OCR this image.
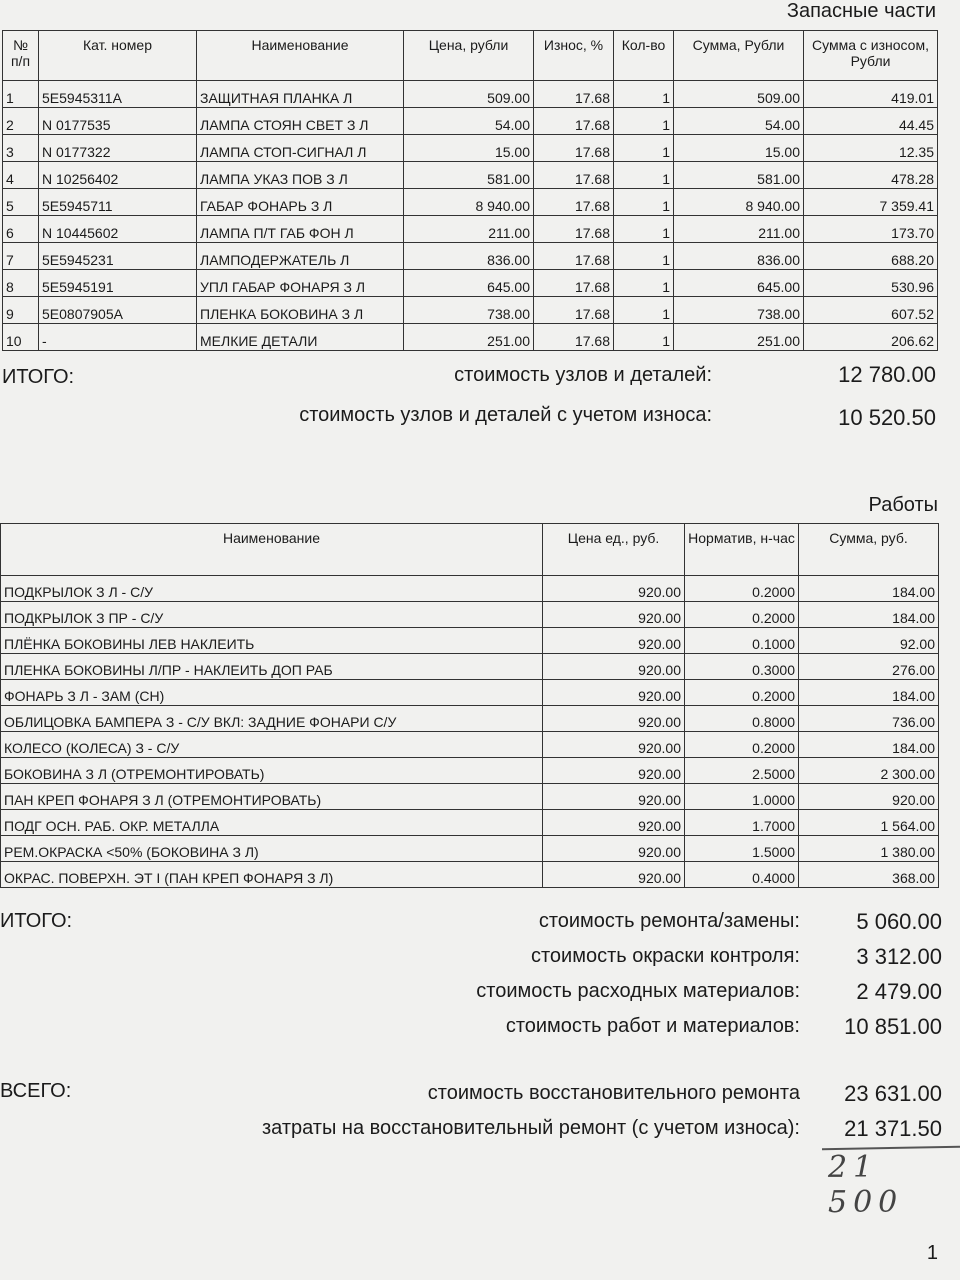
Запасные части
№ п/п	Кат. номер	Наименование	Цена, рубли	Износ, %	Кол-во	Сумма, Рубли	Сумма с износом, Рубли
1	5E5945311A	ЗАЩИТНАЯ ПЛАНКА Л	509.00	17.68	1	509.00	419.01
2	N 0177535	ЛАМПА СТОЯН СВЕТ З Л	54.00	17.68	1	54.00	44.45
3	N 0177322	ЛАМПА СТОП-СИГНАЛ Л	15.00	17.68	1	15.00	12.35
4	N 10256402	ЛАМПА УКАЗ ПОВ З Л	581.00	17.68	1	581.00	478.28
5	5E5945711	ГАБАР ФОНАРЬ З Л	8 940.00	17.68	1	8 940.00	7 359.41
6	N 10445602	ЛАМПА П/Т ГАБ ФОН Л	211.00	17.68	1	211.00	173.70
7	5E5945231	ЛАМПОДЕРЖАТЕЛЬ Л	836.00	17.68	1	836.00	688.20
8	5E5945191	УПЛ ГАБАР ФОНАРЯ З Л	645.00	17.68	1	645.00	530.96
9	5E0807905A	ПЛЕНКА БОКОВИНА З Л	738.00	17.68	1	738.00	607.52
10	-	МЕЛКИЕ ДЕТАЛИ	251.00	17.68	1	251.00	206.62
ИТОГО:	стоимость узлов и деталей:	12 780.00
стоимость узлов и деталей с учетом износа:	10 520.50
Работы
Наименование	Цена ед., руб.	Норматив, н-час	Сумма, руб.
ПОДКРЫЛОК З Л - С/У	920.00	0.2000	184.00
ПОДКРЫЛОК З ПР - С/У	920.00	0.2000	184.00
ПЛЁНКА БОКОВИНЫ ЛЕВ НАКЛЕИТЬ	920.00	0.1000	92.00
ПЛЕНКА БОКОВИНЫ Л/ПР - НАКЛЕИТЬ ДОП РАБ	920.00	0.3000	276.00
ФОНАРЬ З Л - ЗАМ (СН)	920.00	0.2000	184.00
ОБЛИЦОВКА БАМПЕРА З - С/У ВКЛ: ЗАДНИЕ ФОНАРИ С/У	920.00	0.8000	736.00
КОЛЕСО (КОЛЕСА) З - С/У	920.00	0.2000	184.00
БОКОВИНА З Л (ОТРЕМОНТИРОВАТЬ)	920.00	2.5000	2 300.00
ПАН КРЕП ФОНАРЯ З Л (ОТРЕМОНТИРОВАТЬ)	920.00	1.0000	920.00
ПОДГ ОСН. РАБ. ОКР. МЕТАЛЛА	920.00	1.7000	1 564.00
РЕМ.ОКРАСКА <50% (БОКОВИНА З Л)	920.00	1.5000	1 380.00
ОКРАС. ПОВЕРХН. ЭТ I (ПАН КРЕП ФОНАРЯ З Л)	920.00	0.4000	368.00
ИТОГО:	стоимость ремонта/замены:	5 060.00
стоимость окраски контроля:	3 312.00
стоимость расходных материалов:	2 479.00
стоимость работ и материалов: 10 851.00
ВСЕГО:	стоимость восстановительного ремонта 23 631.00
затраты на восстановительный ремонт (с учетом износа): 21 371.50
21 500
1
